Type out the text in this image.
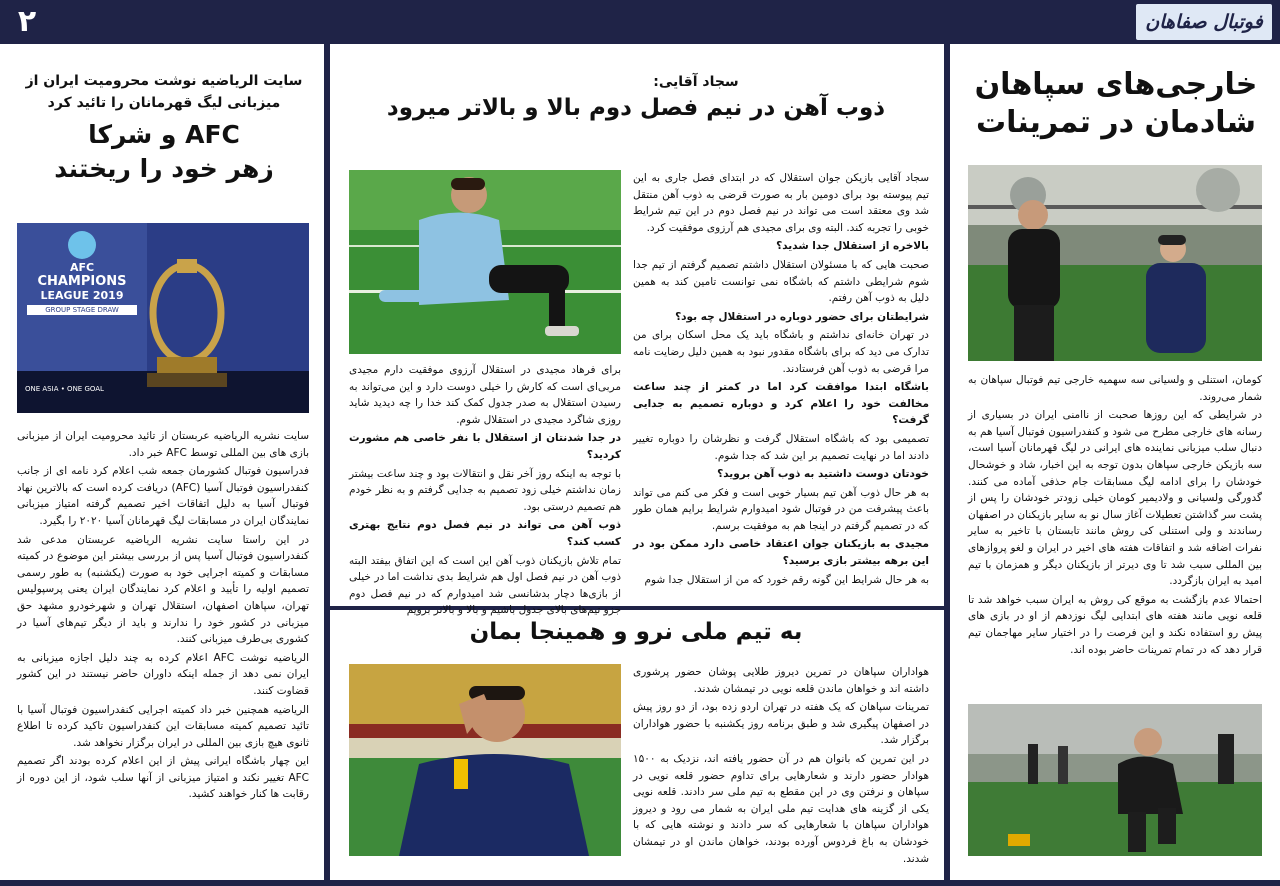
۲	فوتبال صفاهان
خارجی‌های سپاهان
شادمان در تمرینات

کومان، استنلی و ولسیانی سه سهمیه خارجی تیم فوتبال سپاهان به شمار می‌روند.

در شرایطی که این روزها صحبت از نا‌امنی ایران در بسیاری از رسانه های خارجی مطرح می شود و کنفدراسیون فوتبال آسیا هم به دنبال سلب میزبانی نماینده های ایرانی در لیگ قهرمانان آسیا است، سه بازیکن خارجی سپاهان بدون توجه به این اخبار، شاد و خوشحال خودشان را برای ادامه لیگ مسابقات جام حذفی آماده می کنند. گدورگی ولسیانی و ولادیمیر کومان خیلی زودتر خودشان را پس از پشت سر گذاشتن تعطیلات آغاز سال نو به سایر بازیکنان در اصفهان رساندند و ولی استنلی کی روش مانند تابستان با تاخیر به سایر نفرات اضافه شد و اتفاقات هفته های اخیر در ایران و لغو پروازهای بین المللی سبب شد تا وی دیرتر از بازیکنان دیگر و همزمان با تیم امید به ایران بازگردد.

احتمالا عدم بازگشت به موقع کی روش به ایران سبب خواهد شد تا قلعه نویی مانند هفته های ابتدایی لیگ نوزدهم از او در بازی های پیش رو استفاده نکند و این فرصت را در اختیار سایر مهاجمان تیم قرار دهد که در تمام تمرینات حاضر بوده اند.

سجاد آقایی:
ذوب آهن در نیم فصل دوم بالا و بالاتر میرود

سجاد آقایی بازیکن جوان استقلال که در ابتدای فصل جاری به این تیم پیوسته بود برای دومین بار به صورت قرضی به ذوب آهن منتقل شد وی معتقد است می تواند در نیم فصل دوم در این تیم شرایط خوبی را تجربه کند. البته وی برای مجیدی هم آرزوی موفقیت کرد.

بالاخره از استقلال جدا شدید؟

صحبت هایی که با مسئولان استقلال داشتم تصمیم گرفتم از تیم جدا شوم شرایطی داشتم که باشگاه نمی توانست تامین کند به همین دلیل به ذوب آهن رفتم.

شرایطتان برای حضور دوباره در استقلال چه بود؟

در تهران خانه‌ای نداشتم و باشگاه باید یک محل اسکان برای من تدارک می دید که برای باشگاه مقدور نبود به همین دلیل رضایت نامه مرا قرضی به ذوب آهن فرستادند.

باشگاه ابتدا موافقت کرد اما در کمتر از چند ساعت مخالفت خود را اعلام کرد و دوباره تصمیم به جدایی گرفت؟

تصمیمی بود که باشگاه استقلال گرفت و نظرشان را دوباره تغییر دادند اما در نهایت تصمیم بر این شد که جدا شوم.

خودتان دوست داشتید به ذوب آهن بروید؟

به هر حال ذوب آهن تیم بسیار خوبی است و فکر می کنم می تواند باعث پیشرفت من در فوتبال شود امیدوارم شرایط برایم همان طور که در تصمیم گرفتم در اینجا هم به موفقیت برسم.

مجیدی به بازیکنان جوان اعتقاد خاصی دارد ممکن بود در این برهه بیشتر بازی برسید؟

به هر حال شرایط این گونه رقم خورد که من از استقلال جدا شوم

برای فرهاد مجیدی در استقلال آرزوی موفقیت دارم مجیدی مربی‌ای است که کارش را خیلی دوست دارد و این می‌تواند به رسیدن استقلال به صدر جدول کمک کند خدا را چه دیدید شاید روزی شاگرد مجیدی در استقلال شوم.

در جدا شدنتان از استقلال با نفر خاصی هم مشورت کردید؟

با توجه به اینکه روز آخر نقل و انتقالات بود و چند ساعت بیشتر زمان نداشتم خیلی زود تصمیم به جدایی گرفتم و به نظر خودم هم تصمیم درستی بود.

ذوب آهن می تواند در نیم فصل دوم نتایج بهتری کسب کند؟

تمام تلاش بازیکنان ذوب آهن این است که این اتفاق بیفتد البته ذوب آهن در نیم فصل اول هم شرایط بدی نداشت اما در خیلی از بازی‌ها دچار بدشانسی شد امیدوارم که در نیم فصل دوم جزو تیم‌های بالای جدول باشیم و بالا و بالاتر برویم

به تیم ملی نرو و همینجا بمان

هواداران سپاهان در تمرین دیروز طلایی پوشان حضور پرشوری داشته اند و خواهان ماندن قلعه نویی در تیمشان شدند.

تمرینات سپاهان که یک هفته در تهران اردو زده بود، از دو روز پیش در اصفهان پیگیری شد و طبق برنامه روز یکشنبه با حضور هواداران برگزار شد.

در این تمرین که بانوان هم در آن حضور یافته اند، نزدیک به ۱۵۰۰ هوادار حضور دارند و شعارهایی برای تداوم حضور قلعه نویی در سپاهان و نرفتن وی در این مقطع به تیم ملی سر دادند. قلعه نویی یکی از گزینه های هدایت تیم ملی ایران به شمار می رود و دیروز هواداران سپاهان با شعارهایی که سر دادند و نوشته هایی که با خودشان به باغ فردوس آورده بودند، خواهان ماندن او در تیمشان شدند.

سایت الریاضیه نوشت محرومیت ایران از
میزبانی لیگ قهرمانان را تائید کرد
AFC و شرکا
زهر خود را ریختند
AFC
CHAMPIONS
LEAGUE 2019
GROUP STAGE DRAW
ONE ASIA • ONE GOAL

سایت نشریه الریاضیه عربستان از تائید محرومیت ایران از میزبانی بازی های بین المللی توسط AFC خبر داد.

فدراسیون فوتبال کشورمان جمعه شب اعلام کرد نامه ای از جانب کنفدراسیون فوتبال آسیا (AFC) دریافت کرده است که بالاترین نهاد فوتبال آسیا به دلیل اتفاقات اخیر تصمیم گرفته امتیاز میزبانی نمایندگان ایران در مسابقات لیگ قهرمانان آسیا ۲۰۲۰ را بگیرد.

در این راستا سایت نشریه الریاضیه عربستان مدعی شد کنفدراسیون فوتبال آسیا پس از بررسی بیشتر این موضوع در کمیته مسابقات و کمیته اجرایی خود به صورت (یکشنبه) به طور رسمی تصمیم اولیه را تأیید و اعلام کرد نمایندگان ایران یعنی پرسپولیس تهران، سپاهان اصفهان، استقلال تهران و شهرخودرو مشهد حق میزبانی در کشور خود را ندارند و باید از دیگر تیم‌های آسیا در کشوری بی‌طرف میزبانی کنند.

الریاضیه نوشت AFC اعلام کرده به چند دلیل اجازه میزبانی به ایران نمی دهد از جمله اینکه داوران حاضر نیستند در این کشور قضاوت کنند.

الریاضیه همچنین خبر داد کمیته اجرایی کنفدراسیون فوتبال آسیا با تائید تصمیم کمیته مسابقات این کنفدراسیون تاکید کرده تا اطلاع ثانوی هیچ بازی بین المللی در ایران برگزار نخواهد شد.

این چهار باشگاه ایرانی پیش از این اعلام کرده بودند اگر تصمیم AFC تغییر نکند و امتیاز میزبانی از آنها سلب شود، از این دوره از رقابت ها کنار خواهند کشید.
